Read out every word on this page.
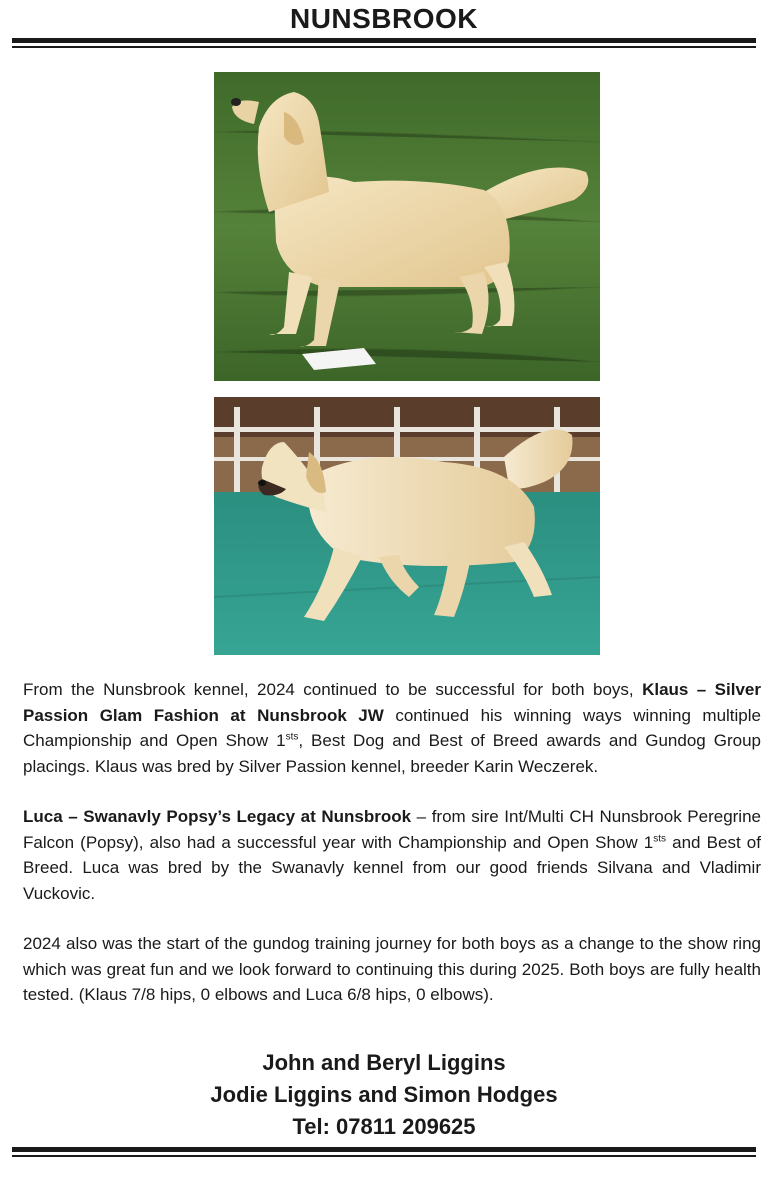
NUNSBROOK

From the Nunsbrook kennel, 2024 continued to be successful for both boys, Klaus – Silver Passion Glam Fashion at Nunsbrook JW continued his winning ways winning multiple Championship and Open Show $1^{sts}$, Best Dog and Best of Breed awards and Gundog Group placings. Klaus was bred by Silver Passion kennel, breeder Karin Weczerek.

Luca – Swanavly Popsy’s Legacy at Nunsbrook – from sire Int/Multi CH Nunsbrook Peregrine Falcon (Popsy), also had a successful year with Championship and Open Show $1^{sts}$ and Best of Breed. Luca was bred by the Swanavly kennel from our good friends Silvana and Vladimir Vuckovic.

2024 also was the start of the gundog training journey for both boys as a change to the show ring which was great fun and we look forward to continuing this during 2025. Both boys are fully health tested. (Klaus 7/8 hips, 0 elbows and Luca 6/8 hips, 0 elbows).

John and Beryl Liggins
Jodie Liggins and Simon Hodges
Tel: 07811 209625
